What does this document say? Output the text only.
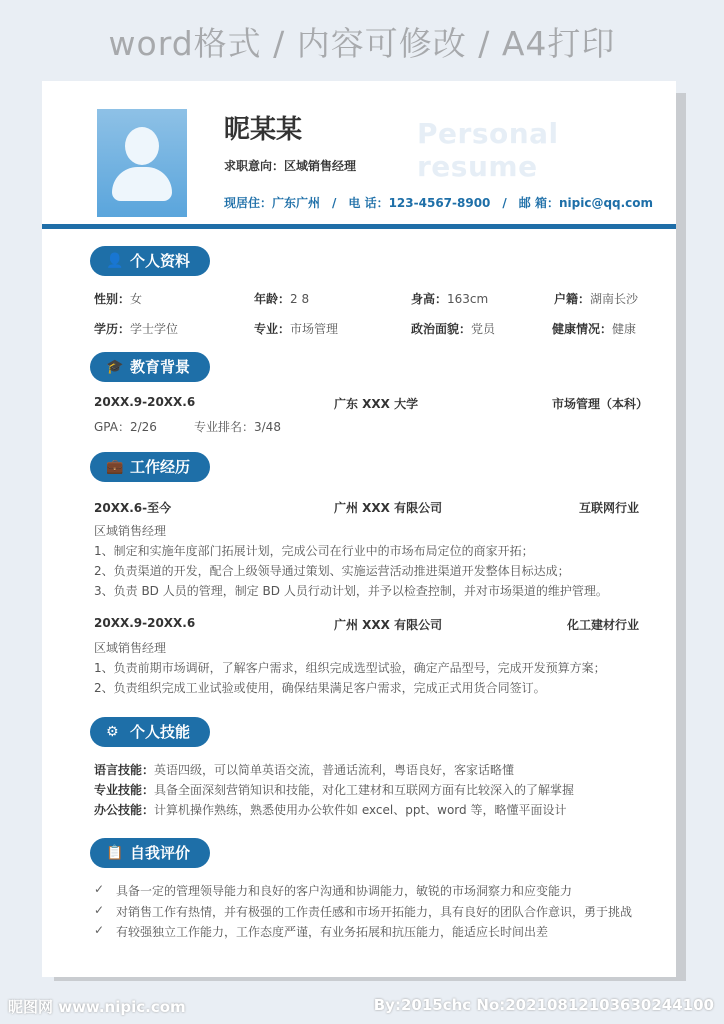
word格式 / 内容可修改 / A4打印
昵某某	Personal resume
求职意向：区域销售经理
现居住：广东广州 / 电 话：123-4567-8900 / 邮 箱：nipic@qq.com
👤 个人资料
性别：女	年龄：2 8	身高：163cm	户籍：湖南长沙
学历：学士学位	专业：市场管理	政治面貌：党员	健康情况：健康
🎓 教育背景
20XX.9-20XX.6	广东 XXX 大学	市场管理（本科）
GPA：2/26	专业排名：3/48
💼 工作经历
20XX.6-至今	广州 XXX 有限公司	互联网行业
区域销售经理
1、制定和实施年度部门拓展计划，完成公司在行业中的市场布局定位的商家开拓；
2、负责渠道的开发，配合上级领导通过策划、实施运营活动推进渠道开发整体目标达成；
3、负责 BD 人员的管理，制定 BD 人员行动计划，并予以检查控制，并对市场渠道的维护管理。
20XX.9-20XX.6	广州 XXX 有限公司	化工建材行业
区域销售经理
1、负责前期市场调研，了解客户需求，组织完成选型试验，确定产品型号，完成开发预算方案；
2、负责组织完成工业试验或使用，确保结果满足客户需求，完成正式用货合同签订。
⚙ 个人技能
语言技能：英语四级，可以简单英语交流，普通话流利，粤语良好，客家话略懂
专业技能：具备全面深刻营销知识和技能，对化工建材和互联网方面有比较深入的了解掌握
办公技能：计算机操作熟练，熟悉使用办公软件如 excel、ppt、word 等，略懂平面设计
📋 自我评价
✓ 具备一定的管理领导能力和良好的客户沟通和协调能力，敏锐的市场洞察力和应变能力
✓ 对销售工作有热情，并有极强的工作责任感和市场开拓能力，具有良好的团队合作意识，勇于挑战
✓ 有较强独立工作能力，工作态度严谨，有业务拓展和抗压能力，能适应长时间出差
昵图网 www.nipic.com	By:2015chc No:20210812103630244100
